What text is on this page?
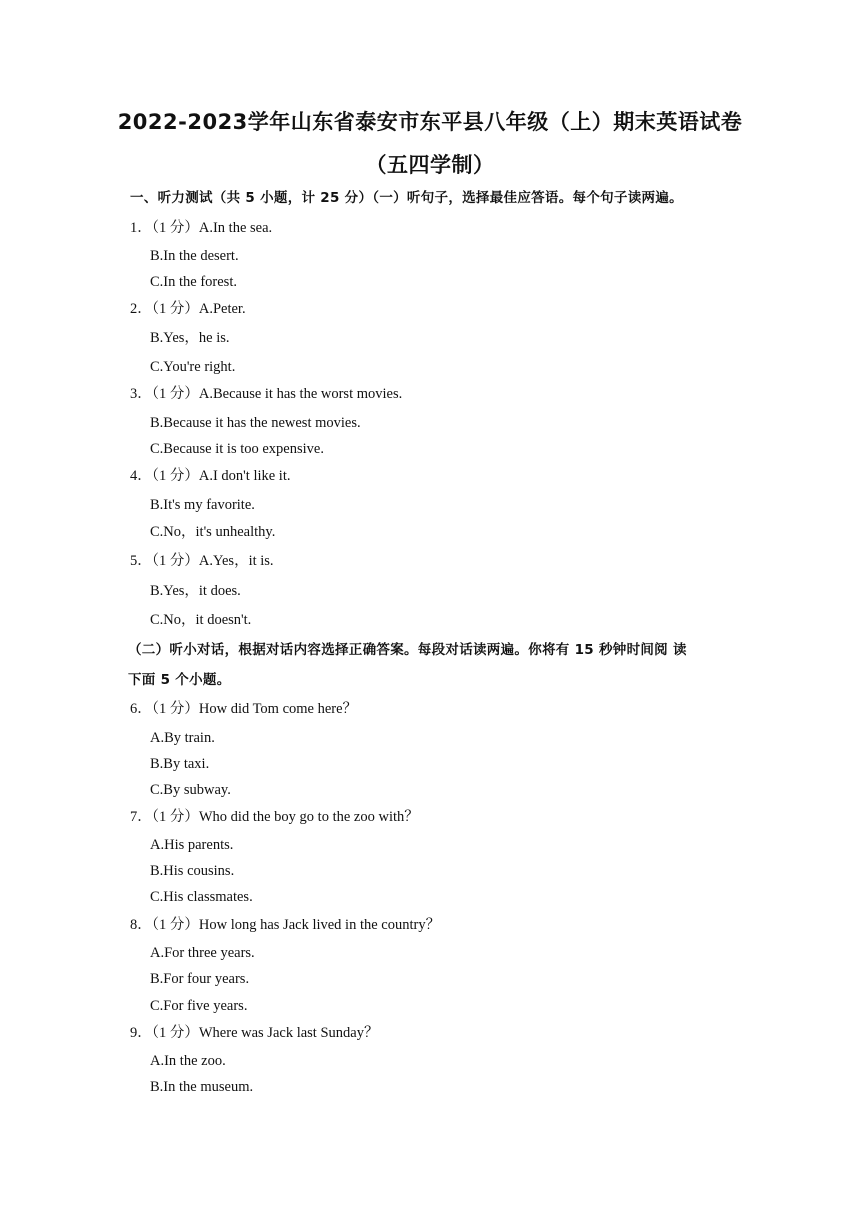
2022-2023学年山东省泰安市东平县八年级（上）期末英语试卷
（五四学制）
一、听力测试（共 5 小题，计 25 分）（一）听句子，选择最佳应答语。每个句子读两遍。
1．（1 分）A.In the sea.
B.In the desert.
C.In the forest.
2．（1 分）A.Peter.
B.Yes，he is.
C.You're right.
3．（1 分）A.Because it has the worst movies.
B.Because it has the newest movies.
C.Because it is too expensive.
4．（1 分）A.I don't like it.
B.It's my favorite.
C.No，it's unhealthy.
5．（1 分）A.Yes，it is.
B.Yes，it does.
C.No，it doesn't.
（二）听小对话，根据对话内容选择正确答案。每段对话读两遍。你将有 15 秒钟时间阅 读
下面 5 个小题。
6．（1 分）How did Tom come here？
A.By train.
B.By taxi.
C.By subway.
7．（1 分）Who did the boy go to the zoo with？
A.His parents.
B.His cousins.
C.His classmates.
8．（1 分）How long has Jack lived in the country？
A.For three years.
B.For four years.
C.For five years.
9．（1 分）Where was Jack last Sunday？
A.In the zoo.
B.In the museum.
